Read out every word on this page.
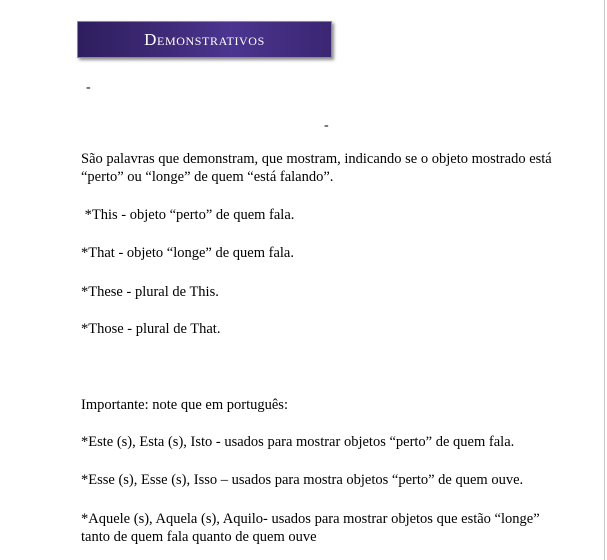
Demonstrativos
-
-
São palavras que demonstram, que mostram, indicando se o objeto mostrado está
“perto” ou “longe” de quem “está falando”.
*This - objeto “perto” de quem fala.
*That - objeto “longe” de quem fala.
*These - plural de This.
*Those - plural de That.
Importante: note que em português:
*Este (s), Esta (s), Isto - usados para mostrar objetos “perto” de quem fala.
*Esse (s), Esse (s), Isso – usados para mostra objetos “perto” de quem ouve.
*Aquele (s), Aquela (s), Aquilo- usados para mostrar objetos que estão “longe”
tanto de quem fala quanto de quem ouve
